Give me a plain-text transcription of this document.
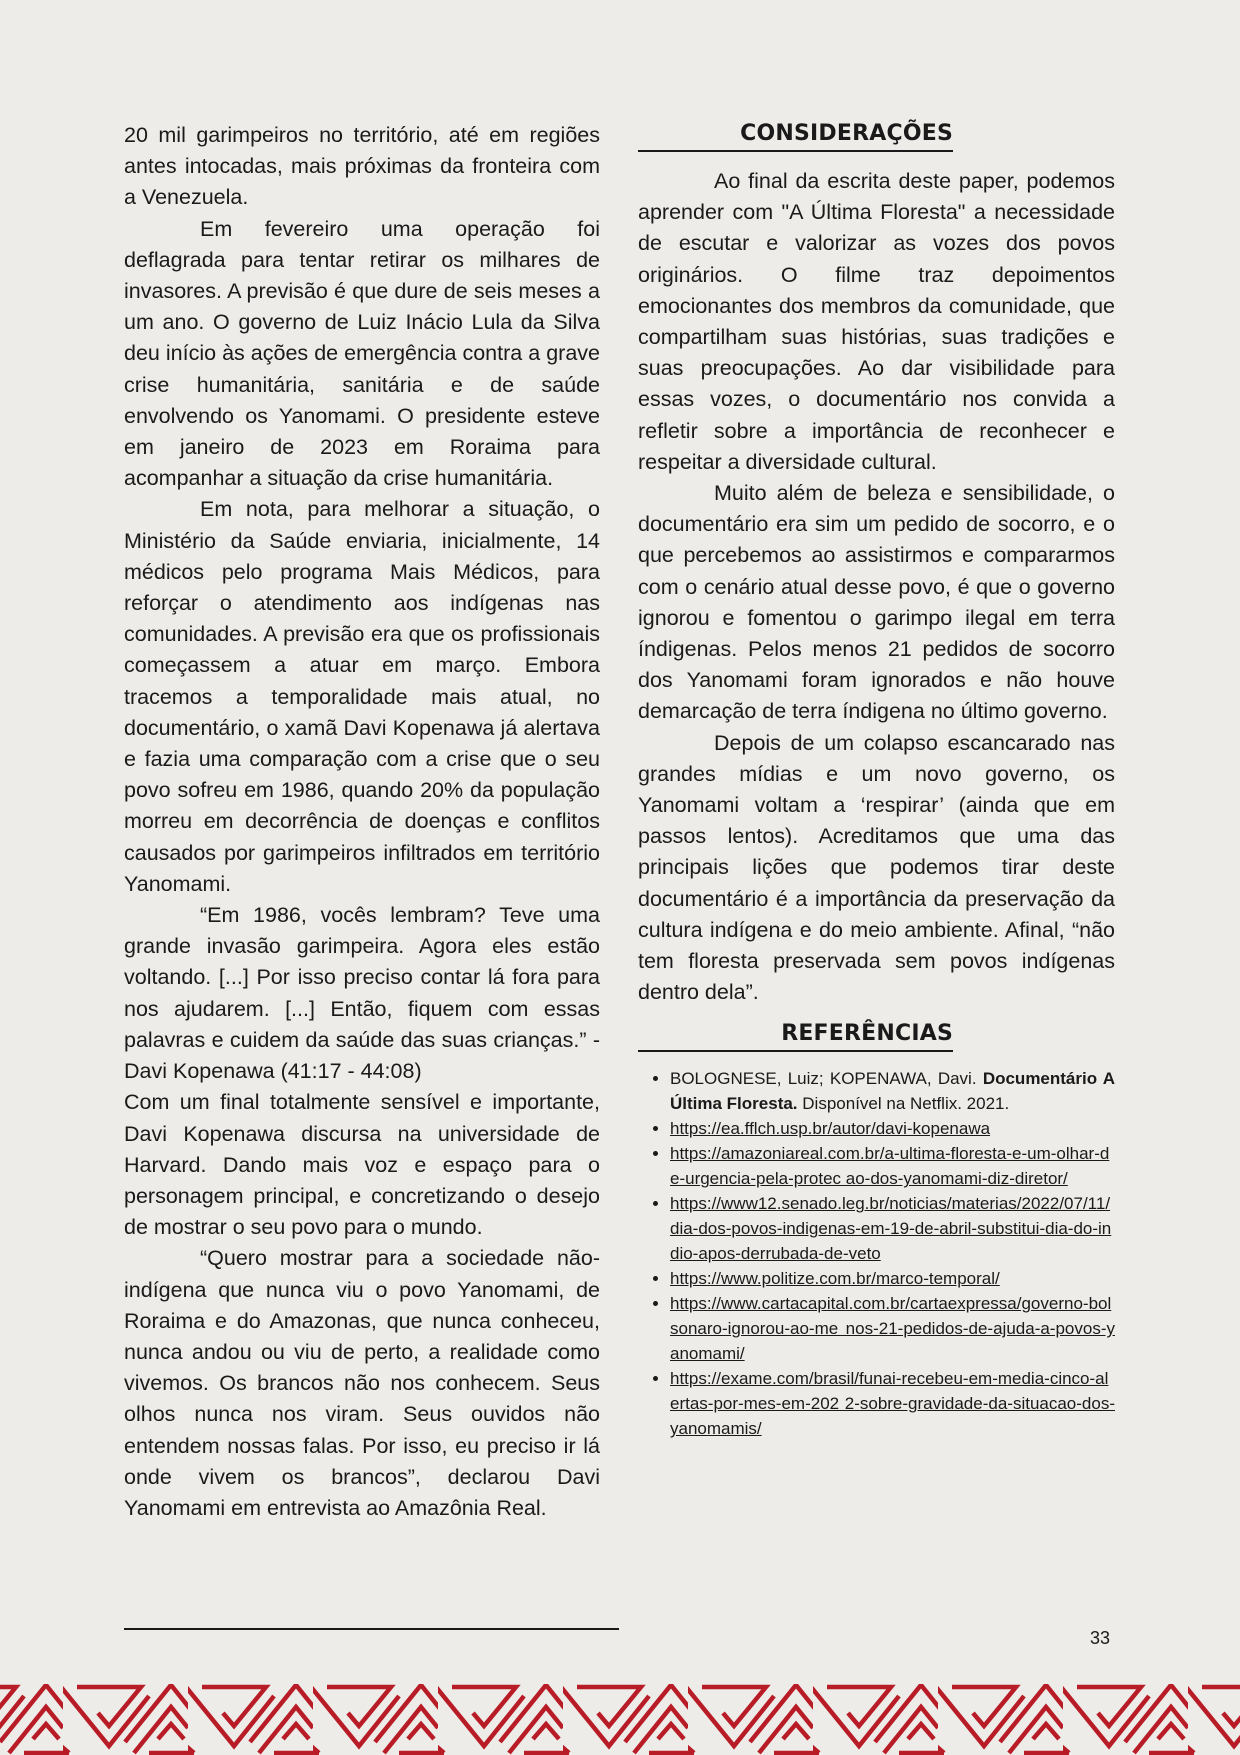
20 mil garimpeiros no território, até em regiões antes intocadas, mais próximas da fronteira com a Venezuela.

Em fevereiro uma operação foi deflagrada para tentar retirar os milhares de invasores. A previsão é que dure de seis meses a um ano. O governo de Luiz Inácio Lula da Silva deu início às ações de emergência contra a grave crise humanitária, sanitária e de saúde envolvendo os Yanomami. O presidente esteve em janeiro de 2023 em Roraima para acompanhar a situação da crise humanitária.

Em nota, para melhorar a situação, o Ministério da Saúde enviaria, inicialmente, 14 médicos pelo programa Mais Médicos, para reforçar o atendimento aos indígenas nas comunidades. A previsão era que os profissionais começassem a atuar em março. Embora tracemos a temporalidade mais atual, no documentário, o xamã Davi Kopenawa já alertava e fazia uma comparação com a crise que o seu povo sofreu em 1986, quando 20% da população morreu em decorrência de doenças e conflitos causados por garimpeiros infiltrados em território Yanomami.

“Em 1986, vocês lembram? Teve uma grande invasão garimpeira. Agora eles estão voltando. [...] Por isso preciso contar lá fora para nos ajudarem. [...] Então, fiquem com essas palavras e cuidem da saúde das suas crianças.” - Davi Kopenawa (41:17 - 44:08)

Com um final totalmente sensível e importante, Davi Kopenawa discursa na universidade de Harvard. Dando mais voz e espaço para o personagem principal, e concretizando o desejo de mostrar o seu povo para o mundo.

“Quero mostrar para a sociedade não-indígena que nunca viu o povo Yanomami, de Roraima e do Amazonas, que nunca conheceu, nunca andou ou viu de perto, a realidade como vivemos. Os brancos não nos conhecem. Seus olhos nunca nos viram. Seus ouvidos não entendem nossas falas. Por isso, eu preciso ir lá onde vivem os brancos”, declarou Davi Yanomami em entrevista ao Amazônia Real.

CONSIDERAÇÕES

Ao final da escrita deste paper, podemos aprender com "A Última Floresta" a necessidade de escutar e valorizar as vozes dos povos originários. O filme traz depoimentos emocionantes dos membros da comunidade, que compartilham suas histórias, suas tradições e suas preocupações. Ao dar visibilidade para essas vozes, o documentário nos convida a refletir sobre a importância de reconhecer e respeitar a diversidade cultural.

Muito além de beleza e sensibilidade, o documentário era sim um pedido de socorro, e o que percebemos ao assistirmos e compararmos com o cenário atual desse povo, é que o governo ignorou e fomentou o garimpo ilegal em terra índigenas. Pelos menos 21 pedidos de socorro dos Yanomami foram ignorados e não houve demarcação de terra índigena no último governo.

Depois de um colapso escancarado nas grandes mídias e um novo governo, os Yanomami voltam a ‘respirar’ (ainda que em passos lentos). Acreditamos que uma das principais lições que podemos tirar deste documentário é a importância da preservação da cultura indígena e do meio ambiente. Afinal, “não tem floresta preservada sem povos indígenas dentro dela”.

REFERÊNCIAS
• BOLOGNESE, Luiz; KOPENAWA, Davi. Documentário A Última Floresta. Disponível na Netflix. 2021.
• https://ea.fflch.usp.br/autor/davi-kopenawa
• https://amazoniareal.com.br/a-ultima-floresta-e-um-olhar-de-urgencia-pela-protec ao-dos-yanomami-diz-diretor/
• https://www12.senado.leg.br/noticias/materias/2022/07/11/dia-dos-povos-indigenas-em-19-de-abril-substitui-dia-do-indio-apos-derrubada-de-veto
• https://www.politize.com.br/marco-temporal/
• https://www.cartacapital.com.br/cartaexpressa/governo-bolsonaro-ignorou-ao-me nos-21-pedidos-de-ajuda-a-povos-yanomami/
• https://exame.com/brasil/funai-recebeu-em-media-cinco-alertas-por-mes-em-202 2-sobre-gravidade-da-situacao-dos-yanomamis/
33
